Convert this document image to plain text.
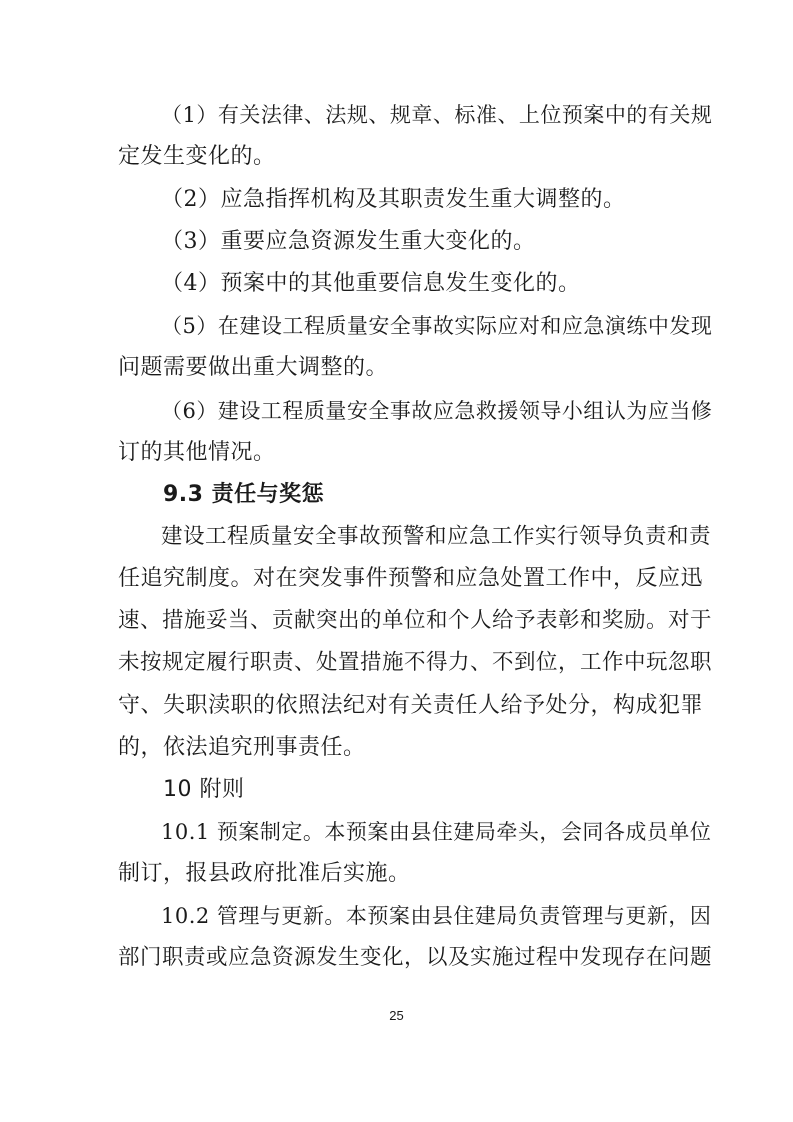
（1）有关法律、法规、规章、标准、上位预案中的有关规
定发生变化的。
（2）应急指挥机构及其职责发生重大调整的。
（3）重要应急资源发生重大变化的。
（4）预案中的其他重要信息发生变化的。
（5）在建设工程质量安全事故实际应对和应急演练中发现
问题需要做出重大调整的。
（6）建设工程质量安全事故应急救援领导小组认为应当修
订的其他情况。
9.3 责任与奖惩
建设工程质量安全事故预警和应急工作实行领导负责和责
任追究制度。对在突发事件预警和应急处置工作中，反应迅
速、措施妥当、贡献突出的单位和个人给予表彰和奖励。对于
未按规定履行职责、处置措施不得力、不到位，工作中玩忽职
守、失职渎职的依照法纪对有关责任人给予处分，构成犯罪
的，依法追究刑事责任。
10 附则
10.1 预案制定。本预案由县住建局牵头，会同各成员单位
制订，报县政府批准后实施。
10.2 管理与更新。本预案由县住建局负责管理与更新，因
部门职责或应急资源发生变化，以及实施过程中发现存在问题
25
